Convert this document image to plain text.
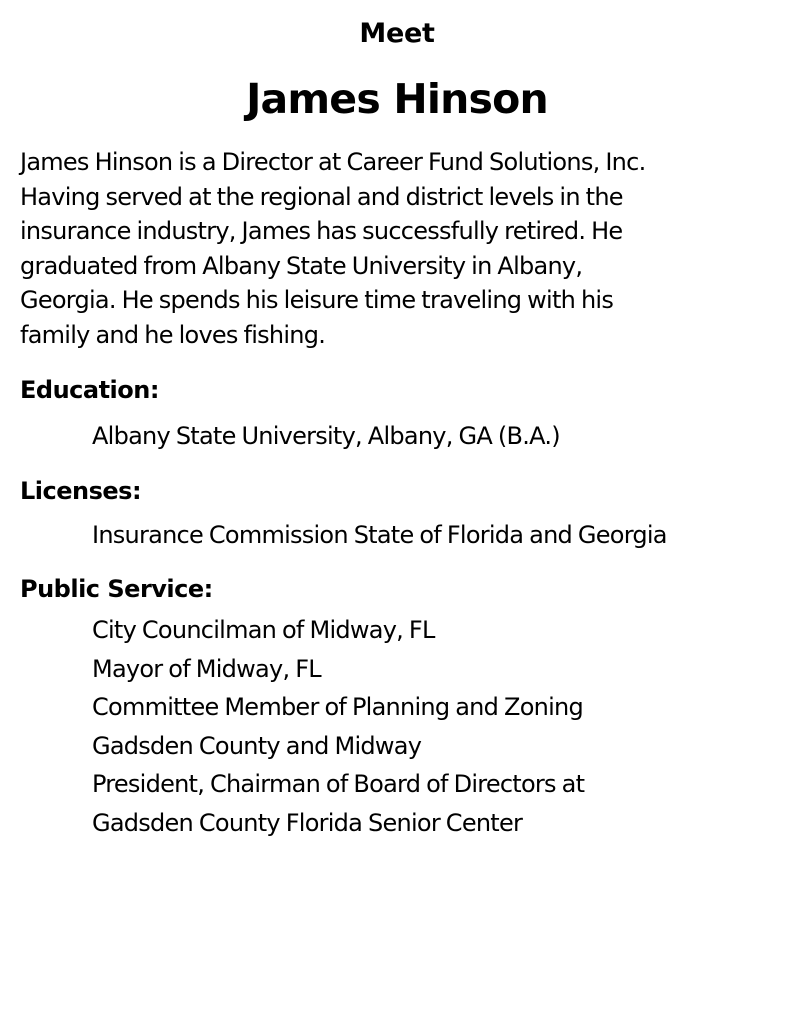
Meet
James Hinson

James Hinson is a Director at Career Fund Solutions, Inc.
Having served at the regional and district levels in the
insurance industry, James has successfully retired. He
graduated from Albany State University in Albany,
Georgia. He spends his leisure time traveling with his
family and he loves fishing.

Education:
Albany State University, Albany, GA (B.A.)
Licenses:
Insurance Commission State of Florida and Georgia
Public Service:
City Councilman of Midway, FL
Mayor of Midway, FL
Committee Member of Planning and Zoning
Gadsden County and Midway
President, Chairman of Board of Directors at
Gadsden County Florida Senior Center
